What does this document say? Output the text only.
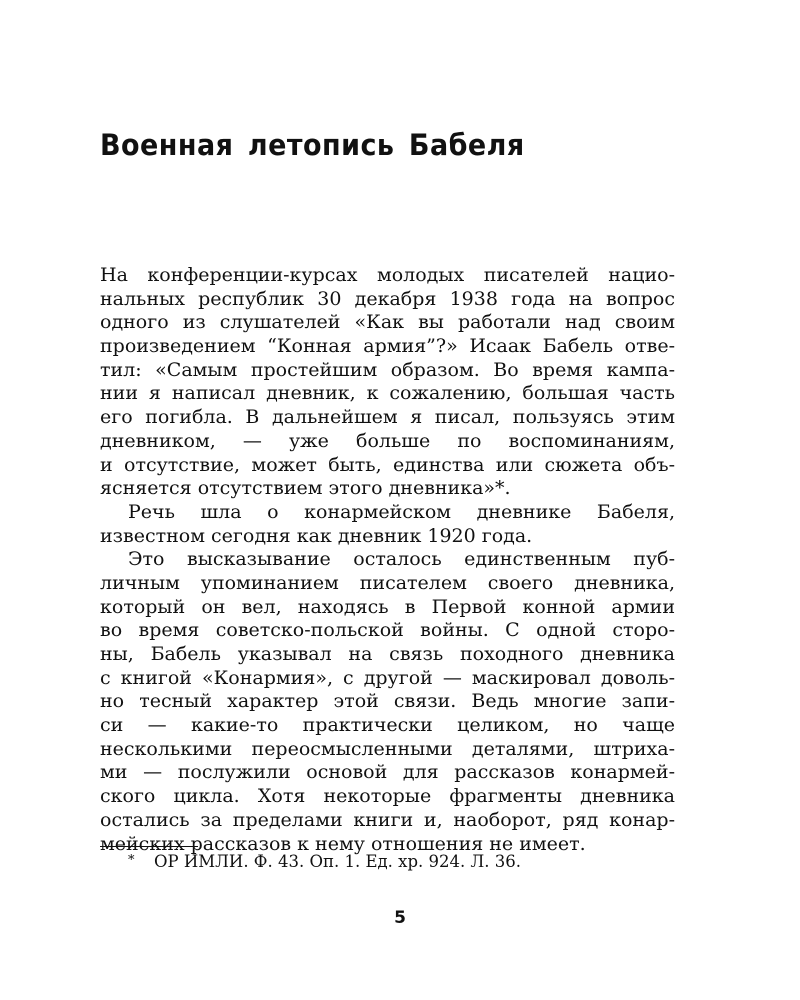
Военная летопись Бабеля
На конференции-курсах молодых писателей нацио-
нальных республик 30 декабря 1938 года на вопрос
одного из слушателей «Как вы работали над своим
произведением “Конная армия”?» Исаак Бабель отве-
тил: «Самым простейшим образом. Во время кампа-
нии я написал дневник, к сожалению, большая часть
его погибла. В дальнейшем я писал, пользуясь этим
дневником, — уже больше по воспоминаниям,
и отсутствие, может быть, единства или сюжета объ-
ясняется отсутствием этого дневника»*.
Речь шла о конармейском дневнике Бабеля,
известном сегодня как дневник 1920 года.
Это высказывание осталось единственным пуб-
личным упоминанием писателем своего дневника,
который он вел, находясь в Первой конной армии
во время советско-польской войны. С одной сторо-
ны, Бабель указывал на связь походного дневника
с книгой «Конармия», с другой — маскировал доволь-
но тесный характер этой связи. Ведь многие запи-
си — какие-то практически целиком, но чаще
несколькими переосмысленными деталями, штриха-
ми — послужили основой для рассказов конармей-
ского цикла. Хотя некоторые фрагменты дневника
остались за пределами книги и, наоборот, ряд конар-
мейских рассказов к нему отношения не имеет.
* ОР ИМЛИ. Ф. 43. Оп. 1. Ед. хр. 924. Л. 36.
5
